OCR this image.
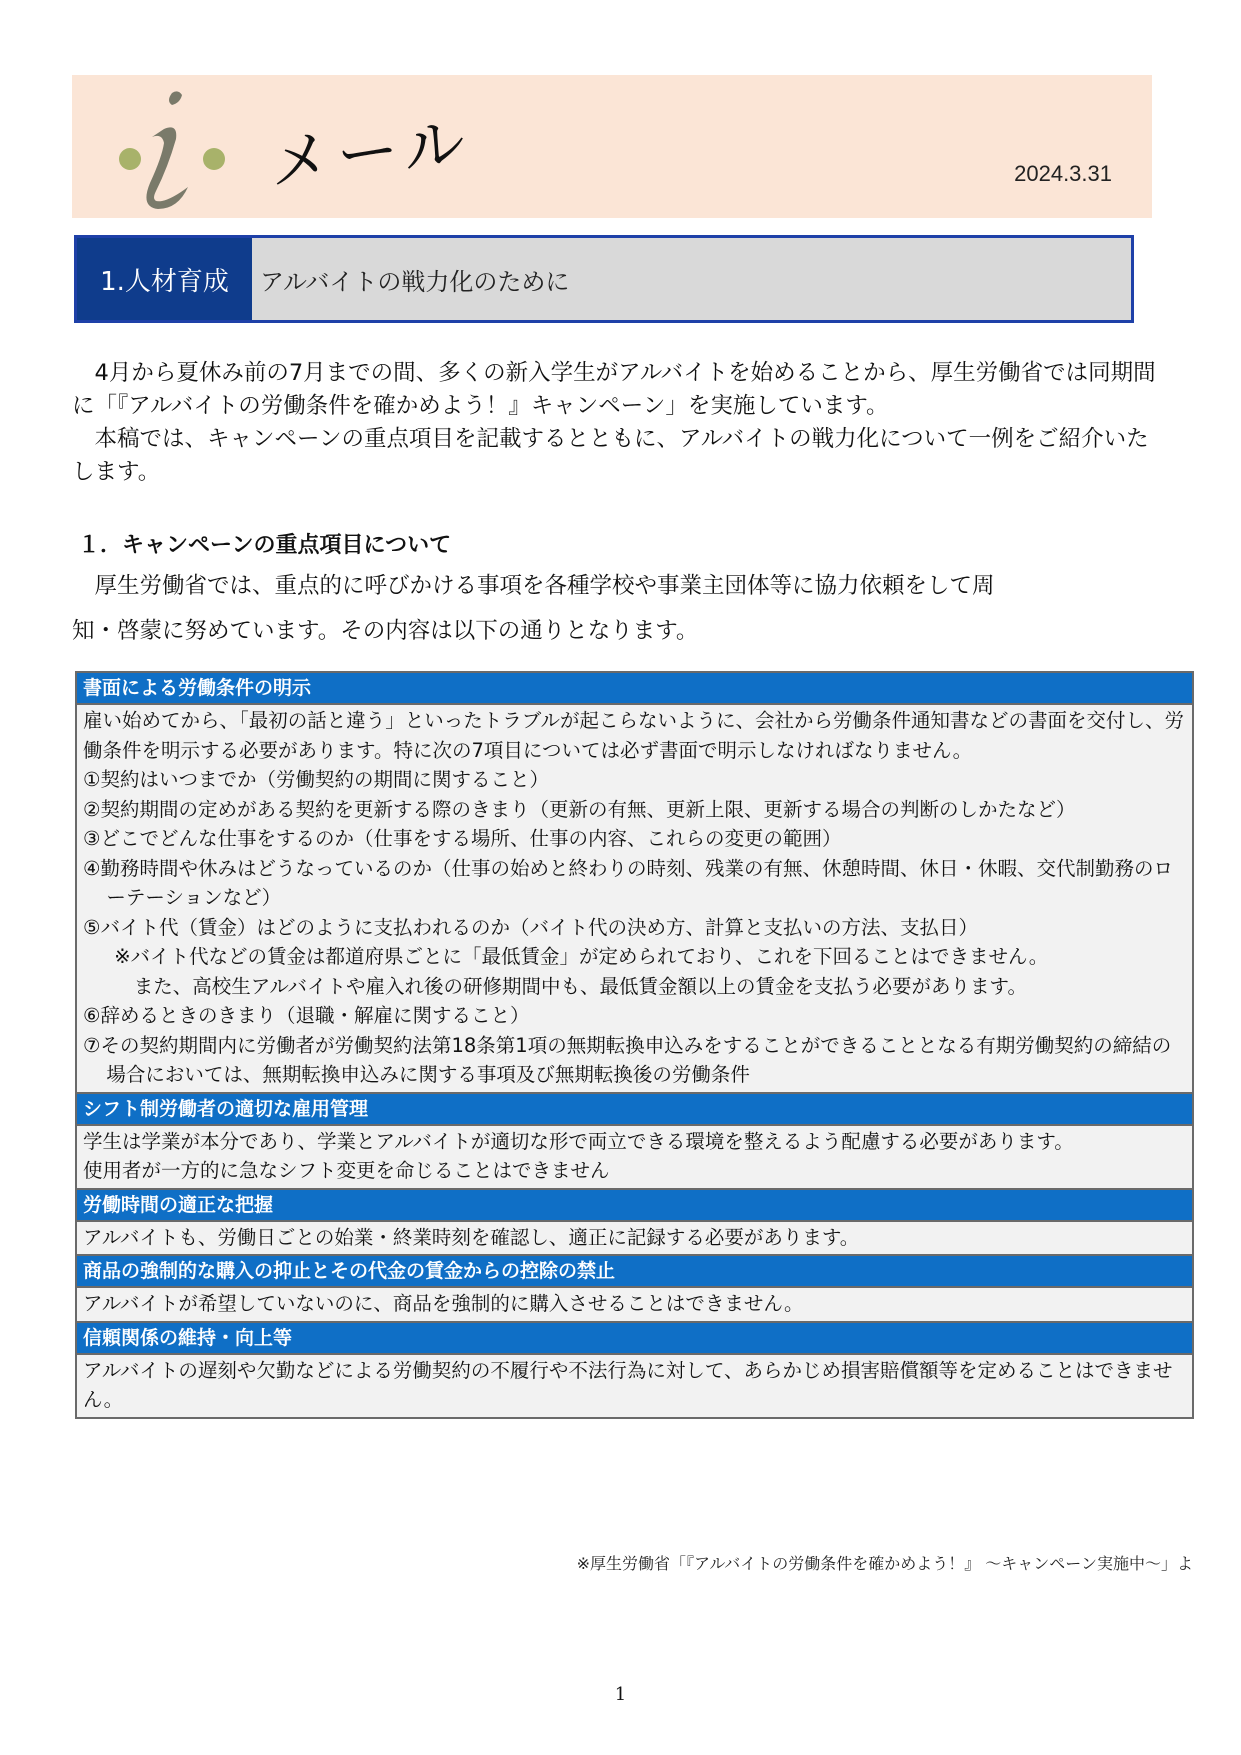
メール	2024.3.31
1.人材育成	アルバイトの戦力化のために

　4月から夏休み前の7月までの間、多くの新入学生がアルバイトを始めることから、厚生労働省では同期間に「『アルバイトの労働条件を確かめよう！』キャンペーン」を実施しています。

　本稿では、キャンペーンの重点項目を記載するとともに、アルバイトの戦力化について一例をご紹介いたします。

１．キャンペーンの重点項目について

　厚生労働省では、重点的に呼びかける事項を各種学校や事業主団体等に協力依頼をして周

知・啓蒙に努めています。その内容は以下の通りとなります。

書面による労働条件の明示
雇い始めてから、「最初の話と違う」といったトラブルが起こらないように、会社から労働条件通知書などの書面を交付し、労働条件を明示する必要があります。特に次の7項目については必ず書面で明示しなければなりません。
①契約はいつまでか（労働契約の期間に関すること）
②契約期間の定めがある契約を更新する際のきまり（更新の有無、更新上限、更新する場合の判断のしかたなど）
③どこでどんな仕事をするのか（仕事をする場所、仕事の内容、これらの変更の範囲）
④勤務時間や休みはどうなっているのか（仕事の始めと終わりの時刻、残業の有無、休憩時間、休日・休暇、交代制勤務のローテーションなど）
⑤バイト代（賃金）はどのように支払われるのか（バイト代の決め方、計算と支払いの方法、支払日）
※バイト代などの賃金は都道府県ごとに「最低賃金」が定められており、これを下回ることはできません。
　また、高校生アルバイトや雇入れ後の研修期間中も、最低賃金額以上の賃金を支払う必要があります。
⑥辞めるときのきまり（退職・解雇に関すること）
⑦その契約期間内に労働者が労働契約法第18条第1項の無期転換申込みをすることができることとなる有期労働契約の締結の場合においては、無期転換申込みに関する事項及び無期転換後の労働条件
シフト制労働者の適切な雇用管理
学生は学業が本分であり、学業とアルバイトが適切な形で両立できる環境を整えるよう配慮する必要があります。
使用者が一方的に急なシフト変更を命じることはできません
労働時間の適正な把握
アルバイトも、労働日ごとの始業・終業時刻を確認し、適正に記録する必要があります。
商品の強制的な購入の抑止とその代金の賃金からの控除の禁止
アルバイトが希望していないのに、商品を強制的に購入させることはできません。
信頼関係の維持・向上等
アルバイトの遅刻や欠勤などによる労働契約の不履行や不法行為に対して、あらかじめ損害賠償額等を定めることはできません。
※厚生労働省「『アルバイトの労働条件を確かめよう！』 ～キャンペーン実施中～」よ
1
